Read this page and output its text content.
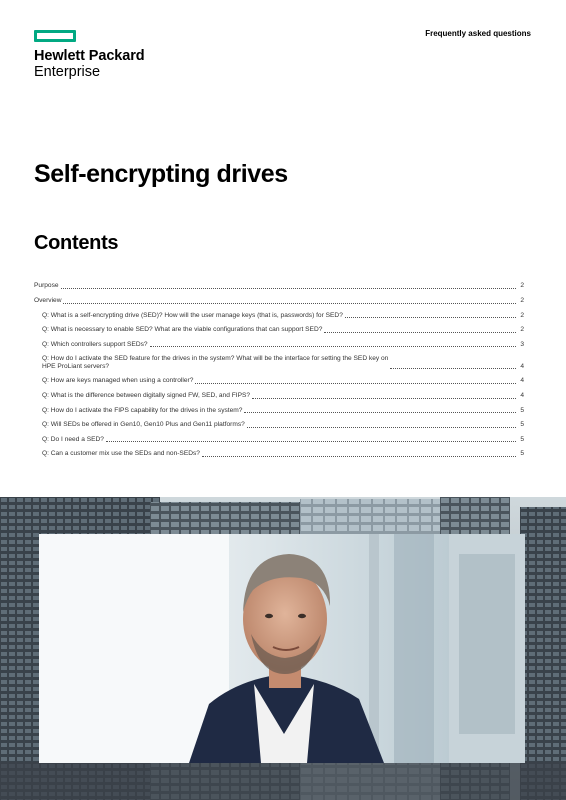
Hewlett Packard
Enterprise
Frequently asked questions
Self-encrypting drives
Contents
Purpose	2
Overview	2
Q: What is a self-encrypting drive (SED)? How will the user manage keys (that is, passwords) for SED?	2
Q: What is necessary to enable SED? What are the viable configurations that can support SED?	2
Q: Which controllers support SEDs?	3
Q: How do I activate the SED feature for the drives in the system? What will be the interface for setting the SED key on
HPE ProLiant servers?	4
Q: How are keys managed when using a controller?	4
Q: What is the difference between digitally signed FW, SED, and FIPS?	4
Q: How do I activate the FIPS capability for the drives in the system?	5
Q: Will SEDs be offered in Gen10, Gen10 Plus and Gen11 platforms?	5
Q: Do I need a SED?	5
Q: Can a customer mix use the SEDs and non-SEDs?	5
